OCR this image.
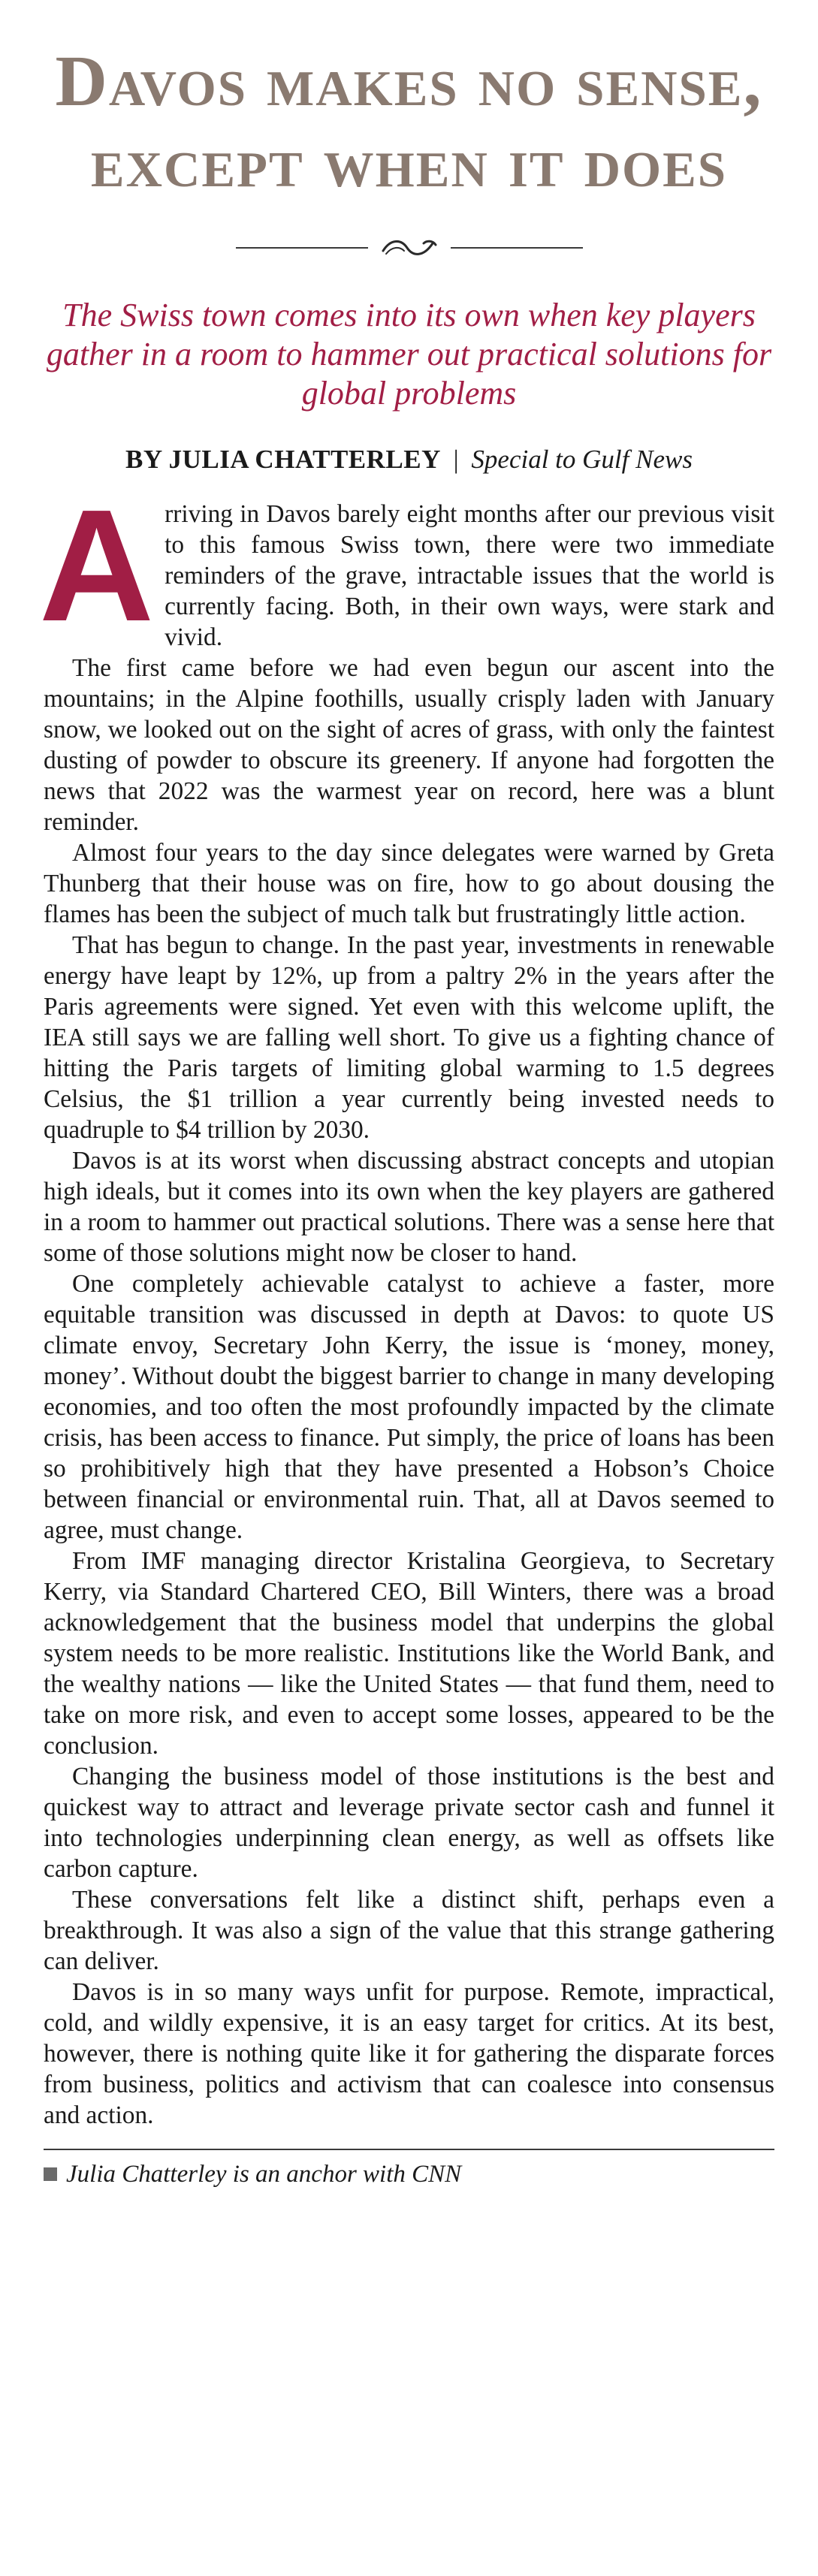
Davos makes no sense, except when it does

The Swiss town comes into its own when key players gather in a room to hammer out practical solutions for global problems

BY JULIA CHATTERLEY | Special to Gulf News

Arriving in Davos barely eight months after our previous visit to this famous Swiss town, there were two immediate reminders of the grave, intractable issues that the world is currently facing. Both, in their own ways, were stark and vivid.

The first came before we had even begun our ascent into the mountains; in the Alpine foothills, usually crisply laden with January snow, we looked out on the sight of acres of grass, with only the faintest dusting of powder to obscure its greenery. If anyone had forgotten the news that 2022 was the warmest year on record, here was a blunt reminder.

Almost four years to the day since delegates were warned by Greta Thunberg that their house was on fire, how to go about dousing the flames has been the subject of much talk but frustratingly little action.

That has begun to change. In the past year, investments in renewable energy have leapt by 12%, up from a paltry 2% in the years after the Paris agreements were signed. Yet even with this welcome uplift, the IEA still says we are falling well short. To give us a fighting chance of hitting the Paris targets of limiting global warming to 1.5 degrees Celsius, the $1 trillion a year currently being invested needs to quadruple to $4 trillion by 2030.

Davos is at its worst when discussing abstract concepts and utopian high ideals, but it comes into its own when the key players are gathered in a room to hammer out practical solutions. There was a sense here that some of those solutions might now be closer to hand.

One completely achievable catalyst to achieve a faster, more equitable transition was discussed in depth at Davos: to quote US climate envoy, Secretary John Kerry, the issue is ‘money, money, money’. Without doubt the biggest barrier to change in many developing economies, and too often the most profoundly impacted by the climate crisis, has been access to finance. Put simply, the price of loans has been so prohibitively high that they have presented a Hobson’s Choice between financial or environmental ruin. That, all at Davos seemed to agree, must change.

From IMF managing director Kristalina Georgieva, to Secretary Kerry, via Standard Chartered CEO, Bill Winters, there was a broad acknowledgement that the business model that underpins the global system needs to be more realistic. Institutions like the World Bank, and the wealthy nations — like the United States — that fund them, need to take on more risk, and even to accept some losses, appeared to be the conclusion.

Changing the business model of those institutions is the best and quickest way to attract and leverage private sector cash and funnel it into technologies underpinning clean energy, as well as offsets like carbon capture.

These conversations felt like a distinct shift, perhaps even a breakthrough. It was also a sign of the value that this strange gathering can deliver.

Davos is in so many ways unfit for purpose. Remote, impractical, cold, and wildly expensive, it is an easy target for critics. At its best, however, there is nothing quite like it for gathering the disparate forces from business, politics and activism that can coalesce into consensus and action.

Julia Chatterley is an anchor with CNN
